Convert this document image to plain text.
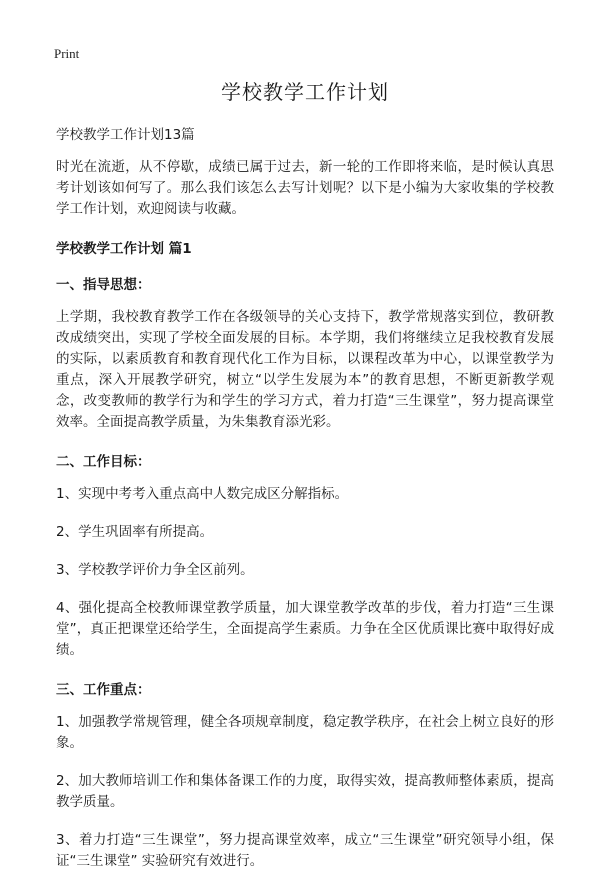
Print
学校教学工作计划
学校教学工作计划13篇

时光在流逝，从不停歇，成绩已属于过去，新一轮的工作即将来临，是时候认真思考计划该如何写了。那么我们该怎么去写计划呢？以下是小编为大家收集的学校教学工作计划，欢迎阅读与收藏。

学校教学工作计划 篇1
一、指导思想：

上学期，我校教育教学工作在各级领导的关心支持下，教学常规落实到位，教研教改成绩突出，实现了学校全面发展的目标。本学期，我们将继续立足我校教育发展的实际，以素质教育和教育现代化工作为目标，以课程改革为中心，以课堂教学为重点，深入开展教学研究，树立“以学生发展为本”的教育思想，不断更新教学观念，改变教师的教学行为和学生的学习方式，着力打造“三生课堂”，努力提高课堂效率。全面提高教学质量，为朱集教育添光彩。

二、工作目标：

1、实现中考考入重点高中人数完成区分解指标。

2、学生巩固率有所提高。

3、学校教学评价力争全区前列。

4、强化提高全校教师课堂教学质量，加大课堂教学改革的步伐，着力打造“三生课堂”，真正把课堂还给学生，全面提高学生素质。力争在全区优质课比赛中取得好成绩。

三、工作重点：

1、加强教学常规管理，健全各项规章制度，稳定教学秩序，在社会上树立良好的形象。

2、加大教师培训工作和集体备课工作的力度，取得实效，提高教师整体素质，提高教学质量。

3、着力打造“三生课堂”，努力提高课堂效率，成立“三生课堂”研究领导小组，保证“三生课堂” 实验研究有效进行。
